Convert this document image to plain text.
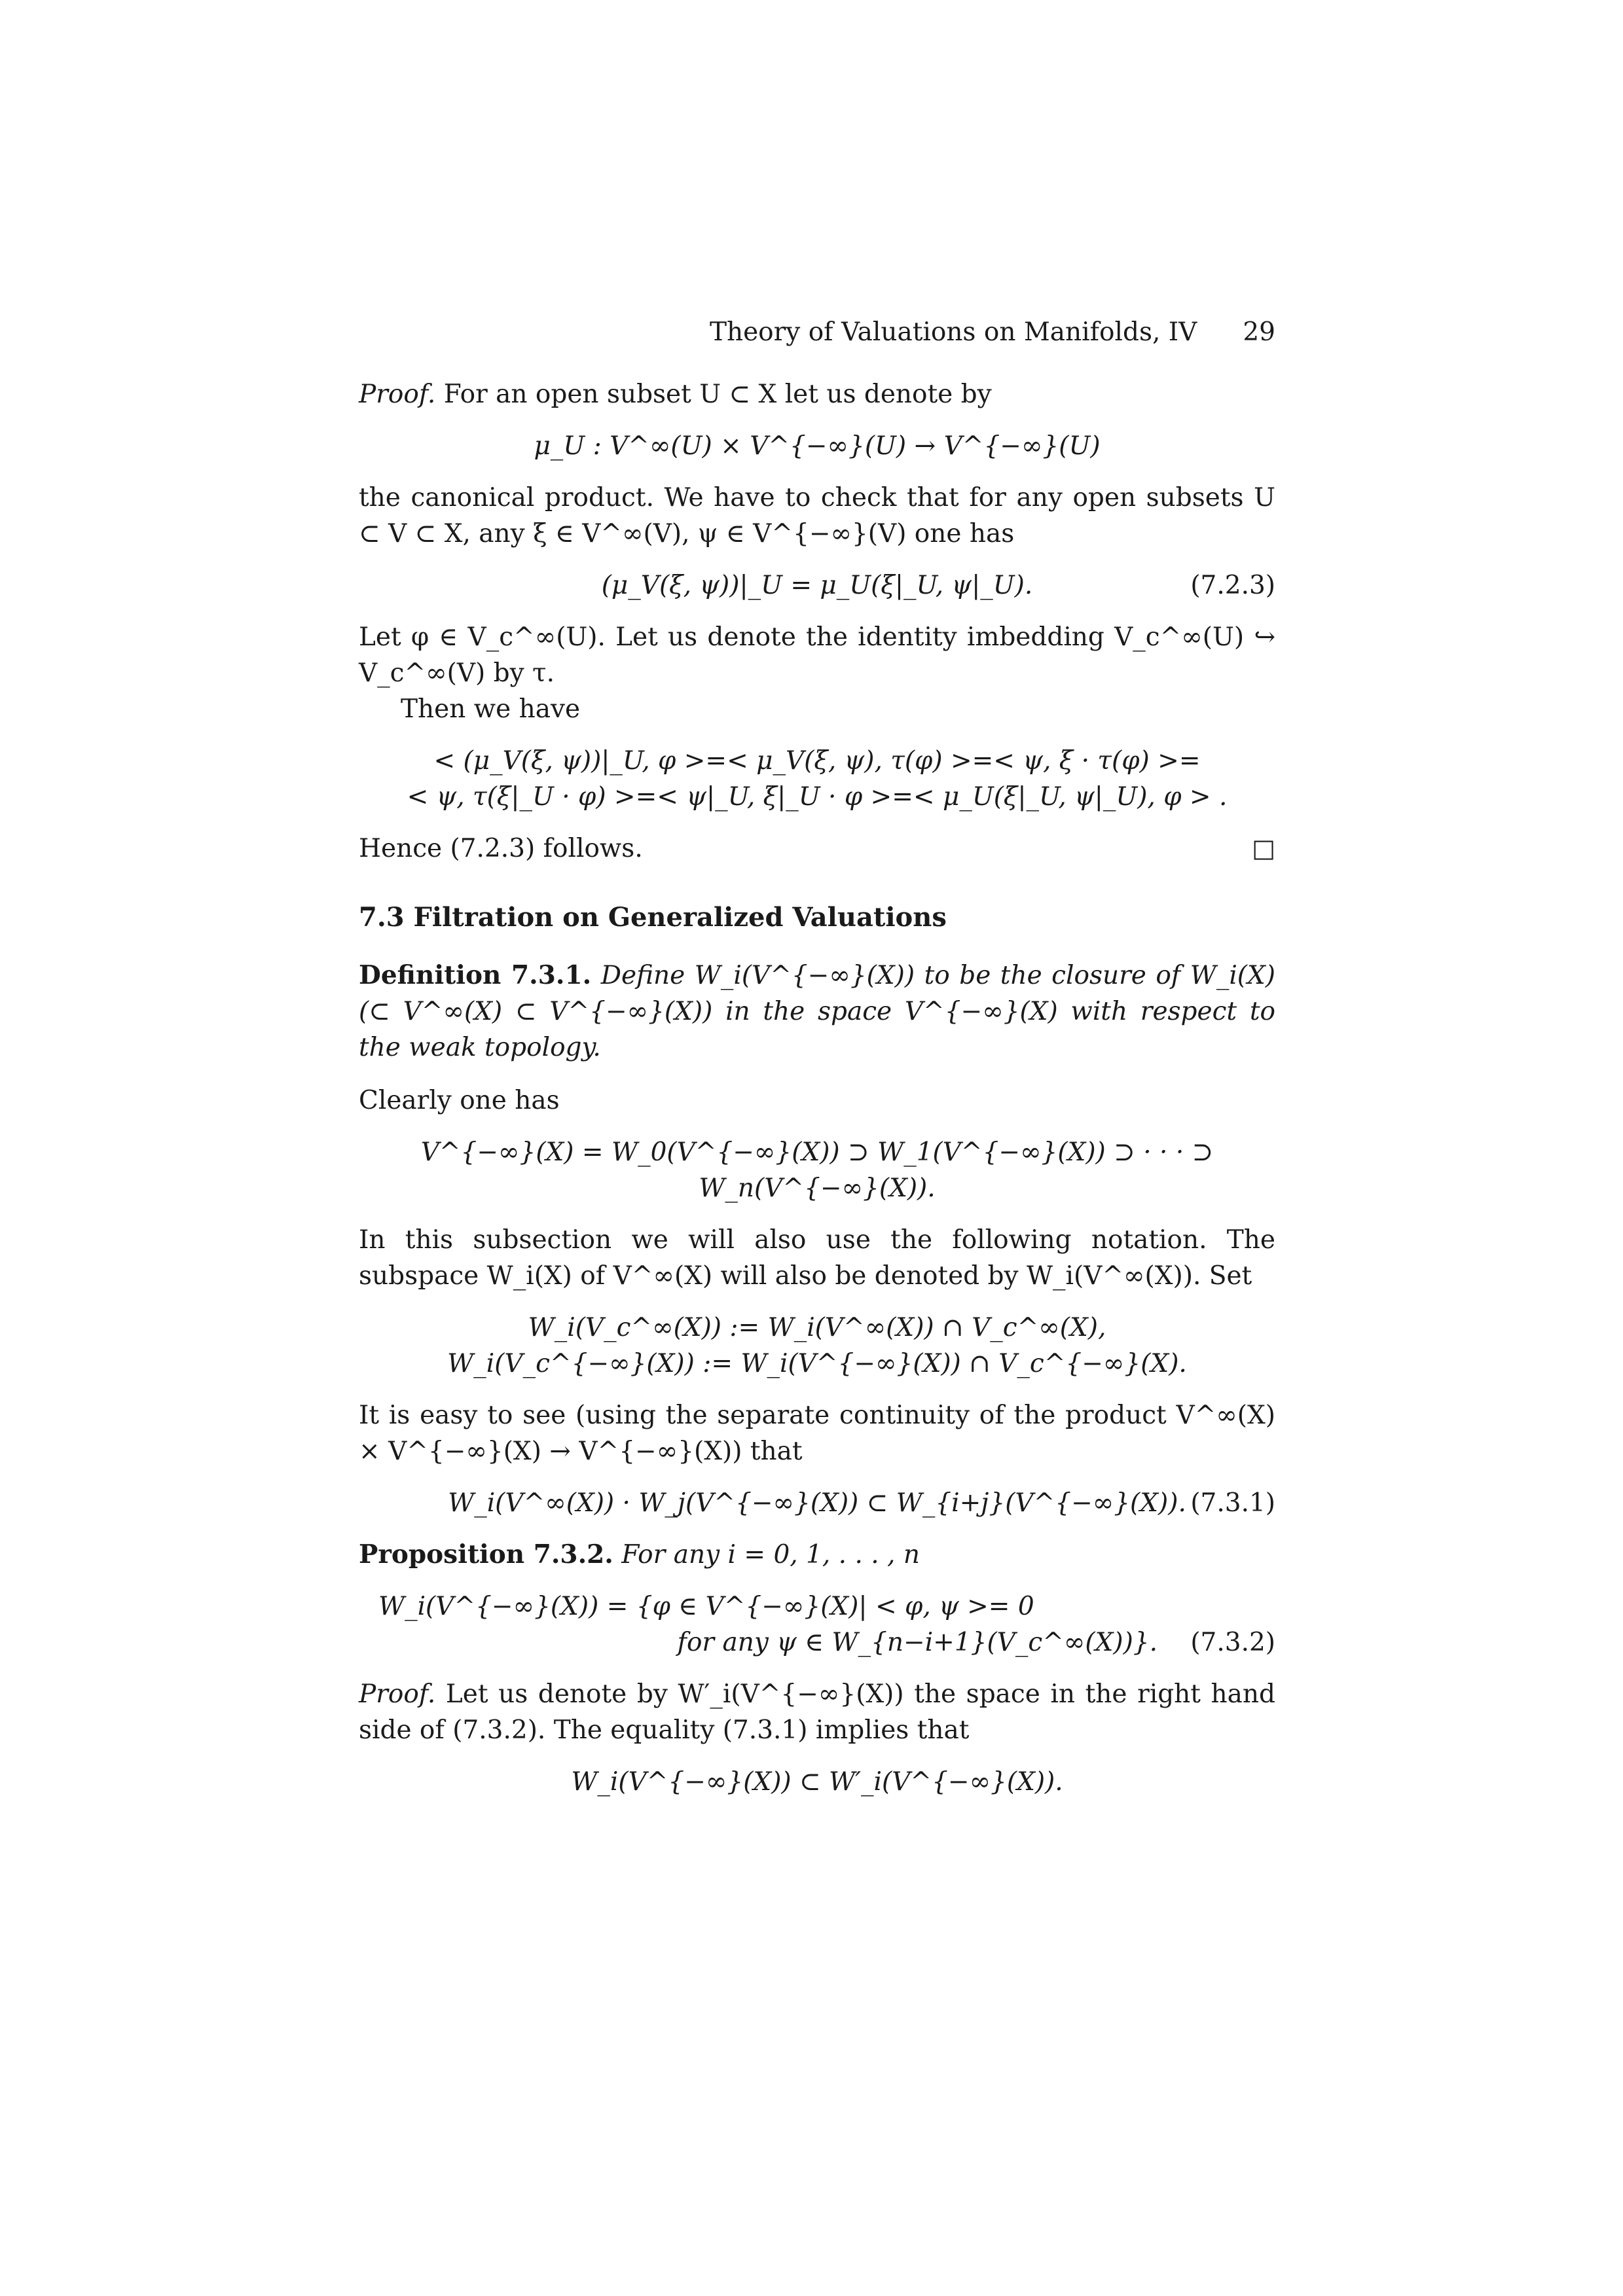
Theory of Valuations on Manifolds, IV 29

Proof. For an open subset U ⊂ X let us denote by

μ_U : V^∞(U) × V^{−∞}(U) → V^{−∞}(U)

the canonical product. We have to check that for any open subsets U ⊂ V ⊂ X, any ξ ∈ V^∞(V), ψ ∈ V^{−∞}(V) one has

(μ_V(ξ, ψ))|_U = μ_U(ξ|_U, ψ|_U).	(7.2.3)

Let φ ∈ V_c^∞(U). Let us denote the identity imbedding V_c^∞(U) ↪ V_c^∞(V) by τ.

Then we have

< (μ_V(ξ, ψ))|_U, φ >=< μ_V(ξ, ψ), τ(φ) >=< ψ, ξ · τ(φ) >=
< ψ, τ(ξ|_U · φ) >=< ψ|_U, ξ|_U · φ >=< μ_U(ξ|_U, ψ|_U), φ > .
Hence (7.2.3) follows.	□
7.3 Filtration on Generalized Valuations

Definition 7.3.1. Define W_i(V^{−∞}(X)) to be the closure of W_i(X)(⊂ V^∞(X) ⊂ V^{−∞}(X)) in the space V^{−∞}(X) with respect to the weak topology.

Clearly one has

V^{−∞}(X) = W_0(V^{−∞}(X)) ⊃ W_1(V^{−∞}(X)) ⊃ · · · ⊃ W_n(V^{−∞}(X)).

In this subsection we will also use the following notation. The subspace W_i(X) of V^∞(X) will also be denoted by W_i(V^∞(X)). Set

W_i(V_c^∞(X)) := W_i(V^∞(X)) ∩ V_c^∞(X),
W_i(V_c^{−∞}(X)) := W_i(V^{−∞}(X)) ∩ V_c^{−∞}(X).

It is easy to see (using the separate continuity of the product V^∞(X) × V^{−∞}(X) → V^{−∞}(X)) that

W_i(V^∞(X)) · W_j(V^{−∞}(X)) ⊂ W_{i+j}(V^{−∞}(X)). (7.3.1)

Proposition 7.3.2. For any i = 0, 1, . . . , n

W_i(V^{−∞}(X)) = {φ ∈ V^{−∞}(X)| < φ, ψ >= 0
for any ψ ∈ W_{n−i+1}(V_c^∞(X))}.	(7.3.2)

Proof. Let us denote by W′_i(V^{−∞}(X)) the space in the right hand side of (7.3.2). The equality (7.3.1) implies that

W_i(V^{−∞}(X)) ⊂ W′_i(V^{−∞}(X)).
